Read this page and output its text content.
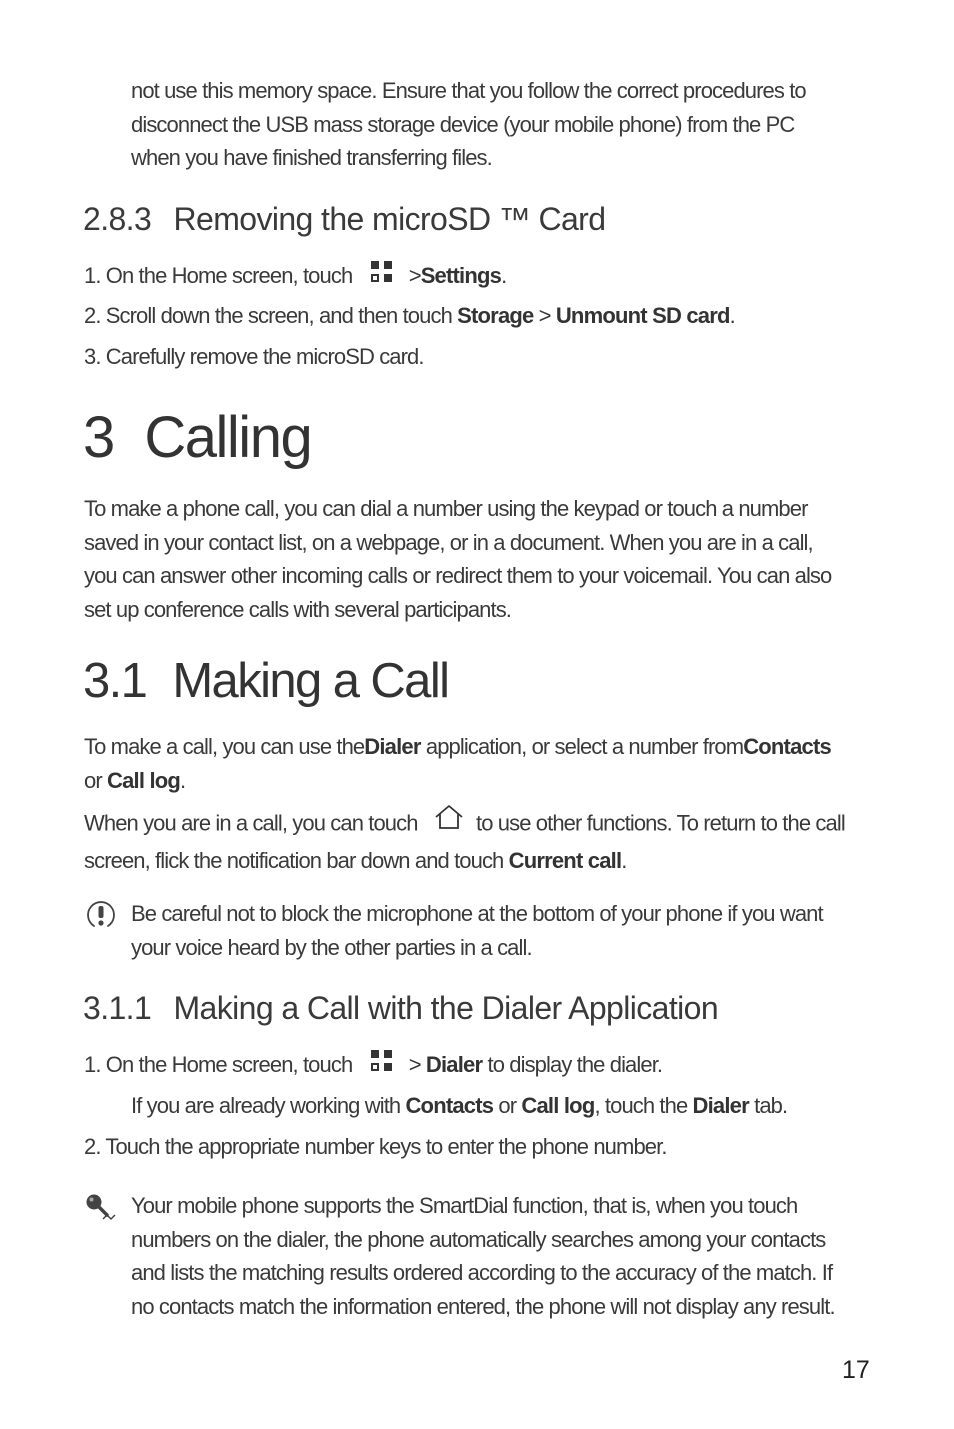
not use this memory space. Ensure that you follow the correct procedures to
disconnect the USB mass storage device (your mobile phone) from the PC
when you have finished transferring files.
2.8.3 Removing the microSD ™ Card
1. On the Home screen, touch	>Settings.
2. Scroll down the screen, and then touch Storage > Unmount SD card.
3. Carefully remove the microSD card.
3 Calling
To make a phone call, you can dial a number using the keypad or touch a number
saved in your contact list, on a webpage, or in a document. When you are in a call,
you can answer other incoming calls or redirect them to your voicemail. You can also
set up conference calls with several participants.
3.1 Making a Call
To make a call, you can use theDialer application, or select a number fromContacts
or Call log.
When you are in a call, you can touch	to use other functions. To return to the call
screen, flick the notification bar down and touch Current call.
Be careful not to block the microphone at the bottom of your phone if you want
your voice heard by the other parties in a call.
3.1.1 Making a Call with the Dialer Application
1. On the Home screen, touch	> Dialer to display the dialer.
If you are already working with Contacts or Call log, touch the Dialer tab.
2. Touch the appropriate number keys to enter the phone number.
Your mobile phone supports the SmartDial function, that is, when you touch
numbers on the dialer, the phone automatically searches among your contacts
and lists the matching results ordered according to the accuracy of the match. If
no contacts match the information entered, the phone will not display any result.
17
